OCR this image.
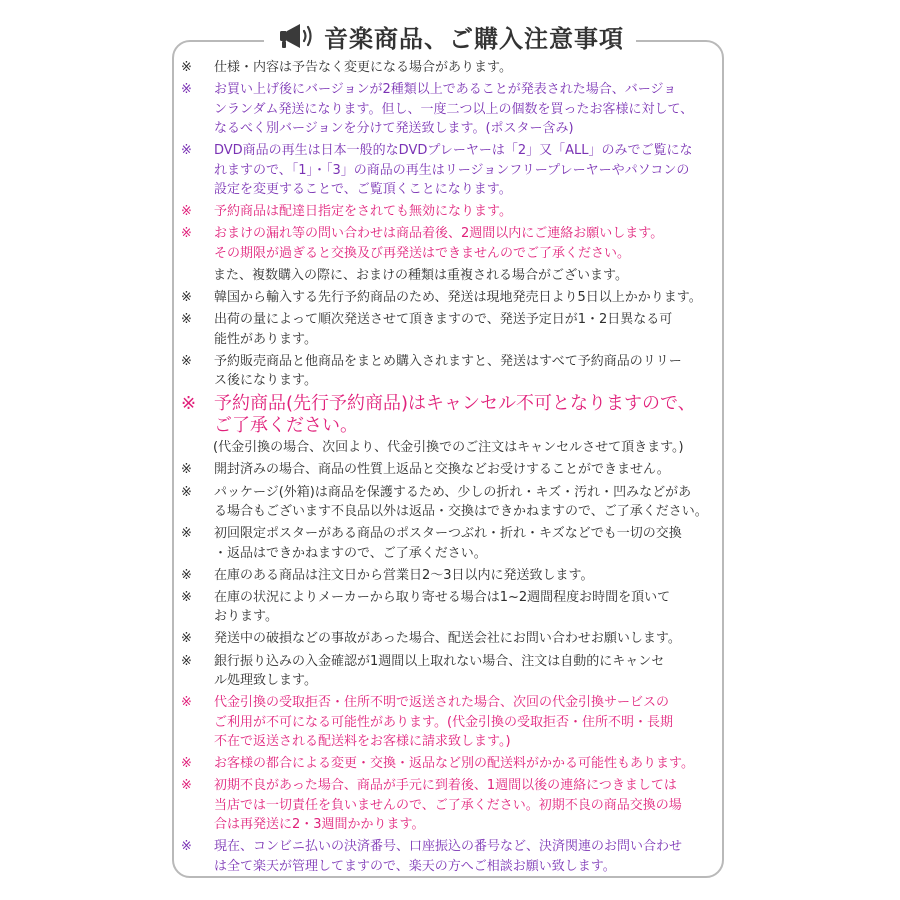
音楽商品、ご購入注意事項
※	仕様・内容は予告なく変更になる場合があります。
※	お買い上げ後にバージョンが2種類以上であることが発表された場合、バージョ
ンランダム発送になります。但し、一度二つ以上の個数を買ったお客様に対して、
なるべく別バージョンを分けて発送致します。(ポスター含み)
※	DVD商品の再生は日本一般的なDVDプレーヤーは「2」又「ALL」のみでご覧にな
れますので、「1」・「3」の商品の再生はリージョンフリープレーヤーやパソコンの
設定を変更することで、ご覧頂くことになります。
※	予約商品は配達日指定をされても無効になります。
※	おまけの漏れ等の問い合わせは商品着後、2週間以内にご連絡お願いします。
その期限が過ぎると交換及び再発送はできませんのでご了承ください。
また、複数購入の際に、おまけの種類は重複される場合がございます。
※	韓国から輸入する先行予約商品のため、発送は現地発売日より5日以上かかります。
※	出荷の量によって順次発送させて頂きますので、発送予定日が1・2日異なる可
能性があります。
※	予約販売商品と他商品をまとめ購入されますと、発送はすべて予約商品のリリー
ス後になります。
※ 予約商品(先行予約商品)はキャンセル不可となりますので、
ご了承ください。
(代金引換の場合、次回より、代金引換でのご注文はキャンセルさせて頂きます。)
※	開封済みの場合、商品の性質上返品と交換などお受けすることができません。
※	パッケージ(外箱)は商品を保護するため、少しの折れ・キズ・汚れ・凹みなどがあ
る場合もございます不良品以外は返品・交換はできかねますので、ご了承ください。
※	初回限定ポスターがある商品のポスターつぶれ・折れ・キズなどでも一切の交換
・返品はできかねますので、ご了承ください。
※	在庫のある商品は注文日から営業日2～3日以内に発送致します。
※	在庫の状況によりメーカーから取り寄せる場合は1~2週間程度お時間を頂いて
おります。
※	発送中の破損などの事故があった場合、配送会社にお問い合わせお願いします。
※	銀行振り込みの入金確認が1週間以上取れない場合、注文は自動的にキャンセ
ル処理致します。
※	代金引換の受取拒否・住所不明で返送された場合、次回の代金引換サービスの
ご利用が不可になる可能性があります。(代金引換の受取拒否・住所不明・長期
不在で返送される配送料をお客様に請求致します。)
※	お客様の都合による変更・交換・返品など別の配送料がかかる可能性もあります。
※	初期不良があった場合、商品が手元に到着後、1週間以後の連絡につきましては
当店では一切責任を負いませんので、ご了承ください。初期不良の商品交換の場
合は再発送に2・3週間かかります。
※	現在、コンビニ払いの決済番号、口座振込の番号など、決済関連のお問い合わせ
は全て楽天が管理してますので、楽天の方へご相談お願い致します。
